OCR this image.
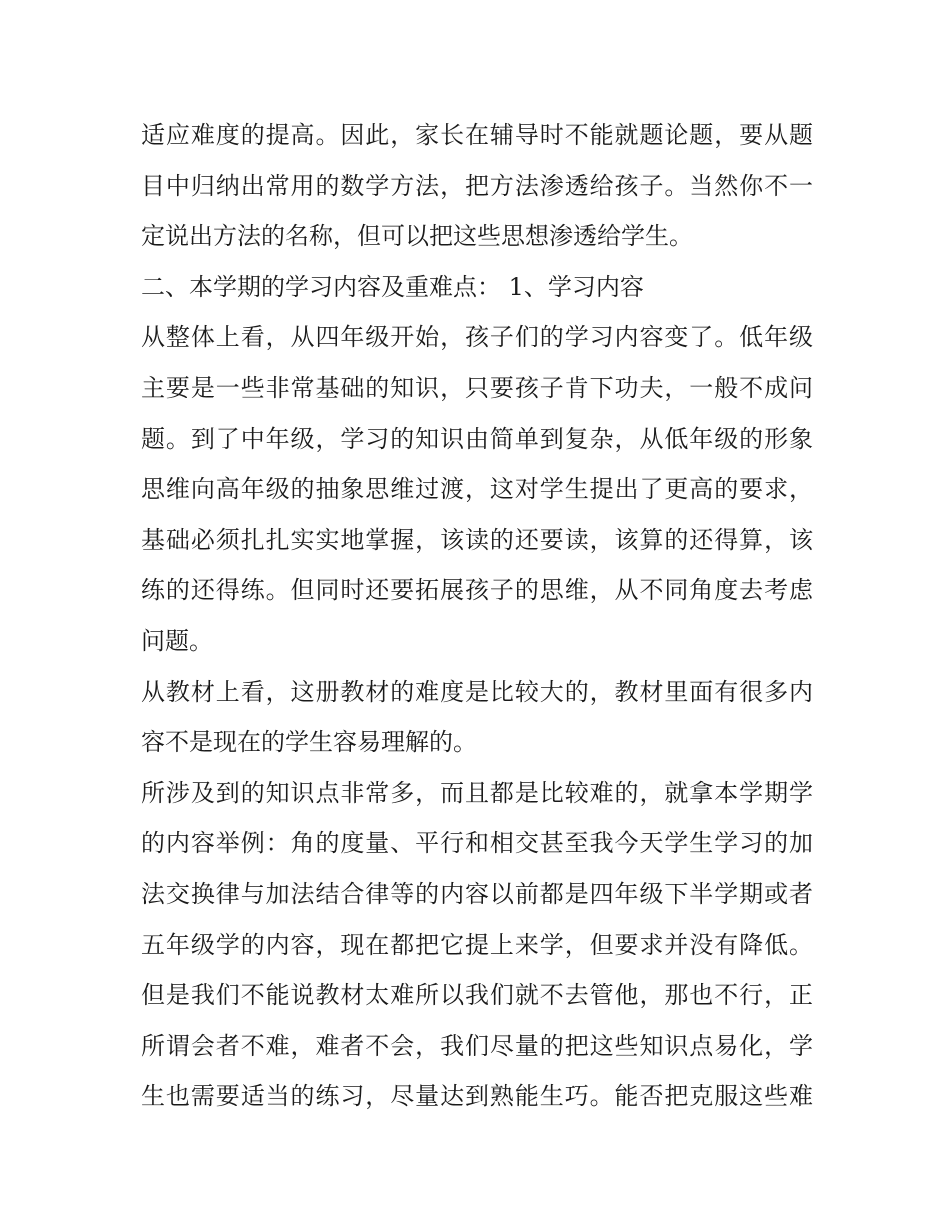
适应难度的提高。因此，家长在辅导时不能就题论题，要从题
目中归纳出常用的数学方法，把方法渗透给孩子。当然你不一
定说出方法的名称，但可以把这些思想渗透给学生。
二、本学期的学习内容及重难点： 1、学习内容
从整体上看，从四年级开始，孩子们的学习内容变了。低年级
主要是一些非常基础的知识，只要孩子肯下功夫，一般不成问
题。到了中年级，学习的知识由简单到复杂，从低年级的形象
思维向高年级的抽象思维过渡，这对学生提出了更高的要求，
基础必须扎扎实实地掌握，该读的还要读，该算的还得算，该
练的还得练。但同时还要拓展孩子的思维，从不同角度去考虑
问题。
从教材上看，这册教材的难度是比较大的，教材里面有很多内
容不是现在的学生容易理解的。
所涉及到的知识点非常多，而且都是比较难的，就拿本学期学
的内容举例：角的度量、平行和相交甚至我今天学生学习的加
法交换律与加法结合律等的内容以前都是四年级下半学期或者
五年级学的内容，现在都把它提上来学，但要求并没有降低。
但是我们不能说教材太难所以我们就不去管他，那也不行，正
所谓会者不难，难者不会，我们尽量的把这些知识点易化，学
生也需要适当的练习，尽量达到熟能生巧。能否把克服这些难
